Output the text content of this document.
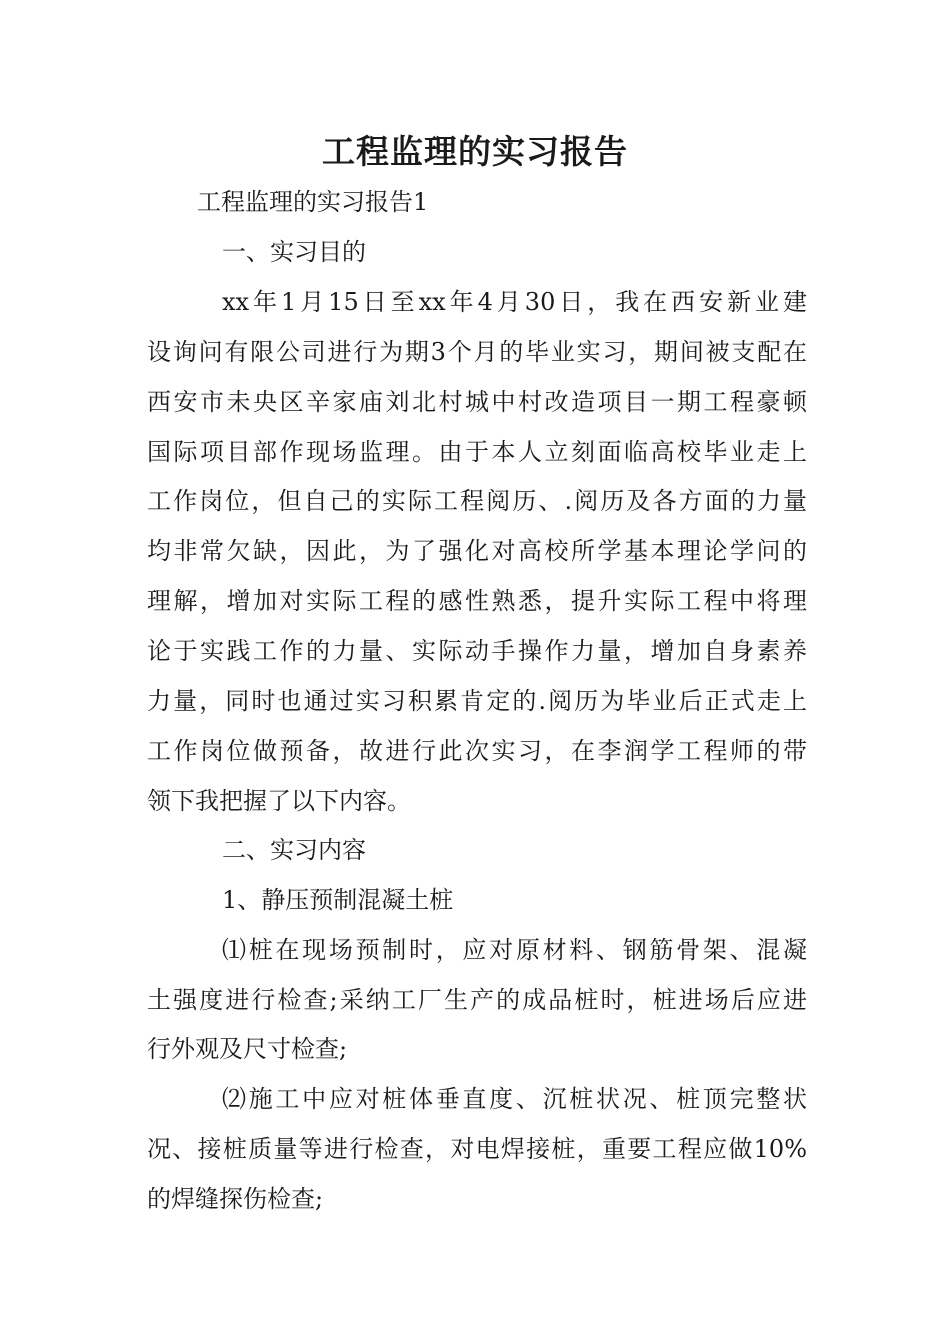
工程监理的实习报告

工程监理的实习报告1

一、实习目的

xx年1月15日至xx年4月30日，我在西安新业建

设询问有限公司进行为期3个月的毕业实习，期间被支配在

西安市未央区辛家庙刘北村城中村改造项目一期工程豪顿

国际项目部作现场监理。由于本人立刻面临高校毕业走上

工作岗位，但自己的实际工程阅历、.阅历及各方面的力量

均非常欠缺，因此，为了强化对高校所学基本理论学问的

理解，增加对实际工程的感性熟悉，提升实际工程中将理

论于实践工作的力量、实际动手操作力量，增加自身素养

力量，同时也通过实习积累肯定的.阅历为毕业后正式走上

工作岗位做预备，故进行此次实习，在李润学工程师的带

领下我把握了以下内容。

二、实习内容

1、静压预制混凝土桩

⑴桩在现场预制时，应对原材料、钢筋骨架、混凝

土强度进行检查;采纳工厂生产的成品桩时，桩进场后应进

行外观及尺寸检查;

⑵施工中应对桩体垂直度、沉桩状况、桩顶完整状

况、接桩质量等进行检查，对电焊接桩，重要工程应做10%

的焊缝探伤检查;
